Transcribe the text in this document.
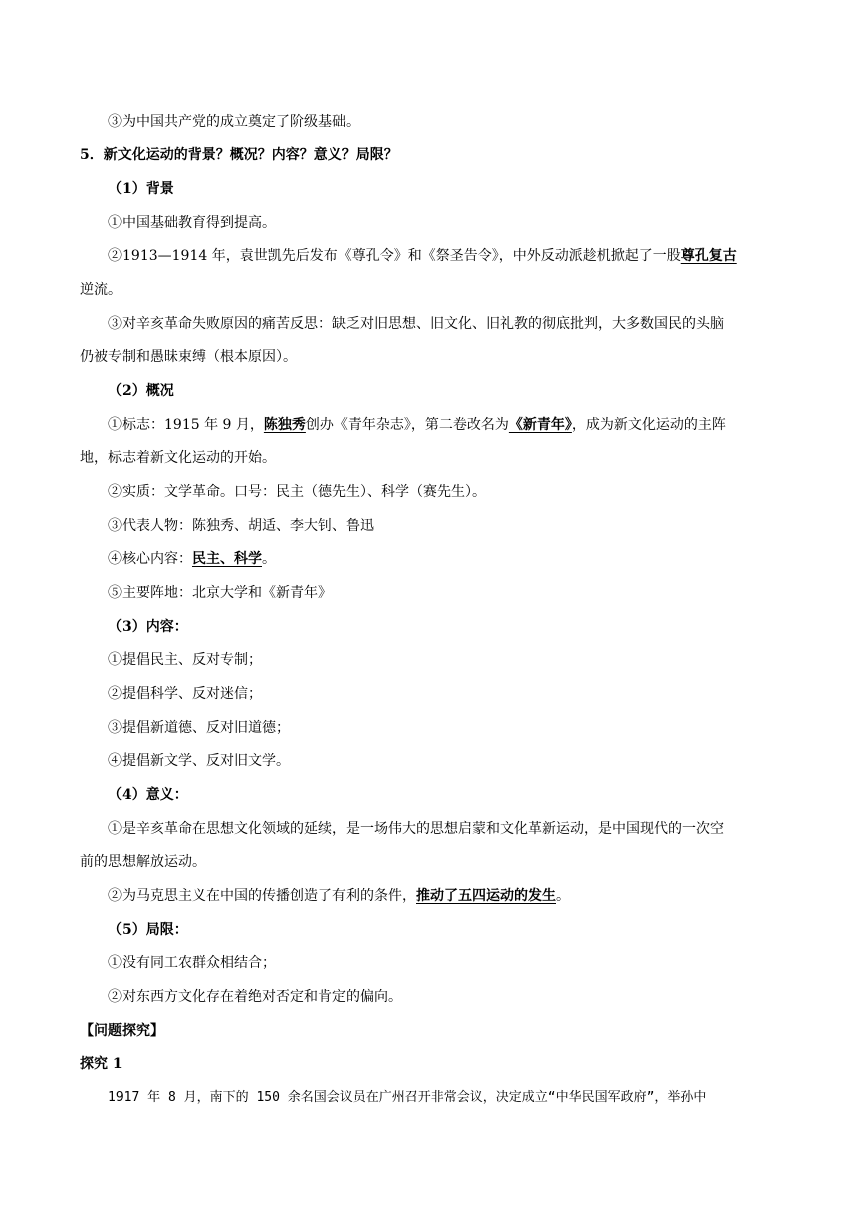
③为中国共产党的成立奠定了阶级基础。
5．新文化运动的背景？概况？内容？意义？局限？
（1）背景
①中国基础教育得到提高。
②1913—1914 年，袁世凯先后发布《尊孔令》和《祭圣告令》，中外反动派趁机掀起了一股尊孔复古
逆流。
③对辛亥革命失败原因的痛苦反思：缺乏对旧思想、旧文化、旧礼教的彻底批判，大多数国民的头脑
仍被专制和愚昧束缚（根本原因）。
（2）概况
①标志：1915 年 9 月，陈独秀创办《青年杂志》，第二卷改名为《新青年》，成为新文化运动的主阵
地，标志着新文化运动的开始。
②实质：文学革命。口号：民主（德先生）、科学（赛先生）。
③代表人物：陈独秀、胡适、李大钊、鲁迅
④核心内容：民主、科学。
⑤主要阵地：北京大学和《新青年》
（3）内容：
①提倡民主、反对专制；
②提倡科学、反对迷信；
③提倡新道德、反对旧道德；
④提倡新文学、反对旧文学。
（4）意义：
①是辛亥革命在思想文化领域的延续，是一场伟大的思想启蒙和文化革新运动，是中国现代的一次空
前的思想解放运动。
②为马克思主义在中国的传播创造了有利的条件，推动了五四运动的发生。
（5）局限：
①没有同工农群众相结合；
②对东西方文化存在着绝对否定和肯定的偏向。
【问题探究】
探究 1
1917 年 8 月，南下的 150 余名国会议员在广州召开非常会议，决定成立“中华民国军政府”，举孙中
